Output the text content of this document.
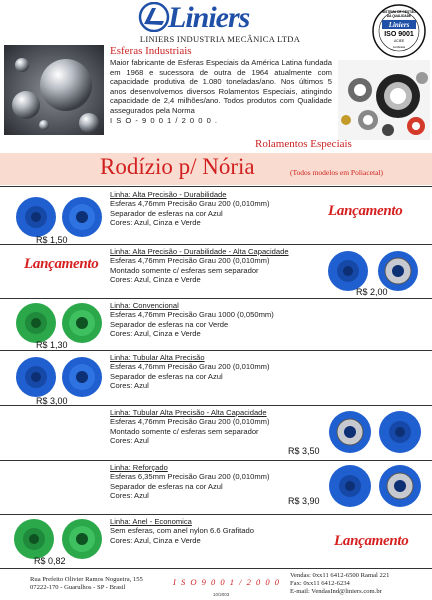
Liniers
LINIERS INDUSTRIA MECÂNICA LTDA
SISTEMA DE GESTÃO
DA QUALIDADE
Liniers
ISO 9001
UCIEE
Certificado
Esferas Industriais
Maior fabricante de Esferas Especiais da América Latina fundada em 1968 e sucessora de outra de 1964 atualmente com capacidade produtiva de 1.080 toneladas/ano. Nos últimos 5 anos desenvolvemos diversos Rolamentos Especiais, atingindo capacidade de 2,4 milhões/ano. Todos produtos com Qualidade assegurados pela Norma
I S O - 9 0 0 1 / 2 0 0 0 .
Rolamentos Especiais
Rodízio p/ Nória	(Todos modelos em Poliacetal)
R$ 1,50
Linha: Alta Precisão - Durabilidade
Esferas 4,76mm Precisão Grau 200 (0,010mm)
Separador de esferas na cor Azul
Cores: Azul, Cinza e Verde
Lançamento
Lançamento
Linha: Alta Precisão - Durabilidade - Alta Capacidade
Esferas 4,76mm Precisão Grau 200 (0,010mm)
Montado somente c/ esferas sem separador
Cores: Azul, Cinza e Verde
R$ 2,00
R$ 1,30
Linha: Convencional
Esferas 4,76mm Precisão Grau 1000 (0,050mm)
Separador de esferas na cor Verde
Cores: Azul, Cinza e Verde
R$ 3,00
Linha: Tubular Alta Precisão
Esferas 4,76mm Precisão Grau 200 (0,010mm)
Separador de esferas na cor Azul
Cores: Azul
Linha: Tubular Alta Precisão - Alta Capacidade
Esferas 4,76mm Precisão Grau 200 (0,010mm)
Montado somente c/ esferas sem separador
Cores: Azul
R$ 3,50
Linha: Reforçado
Esferas 6,35mm Precisão Grau 200 (0,010mm)
Separador de esferas na cor Azul
Cores: Azul
R$ 3,90
R$ 0,82
Linha: Anel - Economica
Sem esferas, com anel nylon 6.6 Grafitado
Cores: Azul, Cinza e Verde	Lançamento
Rua Prefeito Olivier Ramos Nogueira, 155
07222-170 - Guarulhos - SP - Brasil
I S O 9 0 0 1 / 2 0 0 0
10/2003
Vendas: 0xx11 6412-6500 Ramal 221
Fax: 0xx11 6412-6234
E-mail: VendasInd@liniers.com.br
